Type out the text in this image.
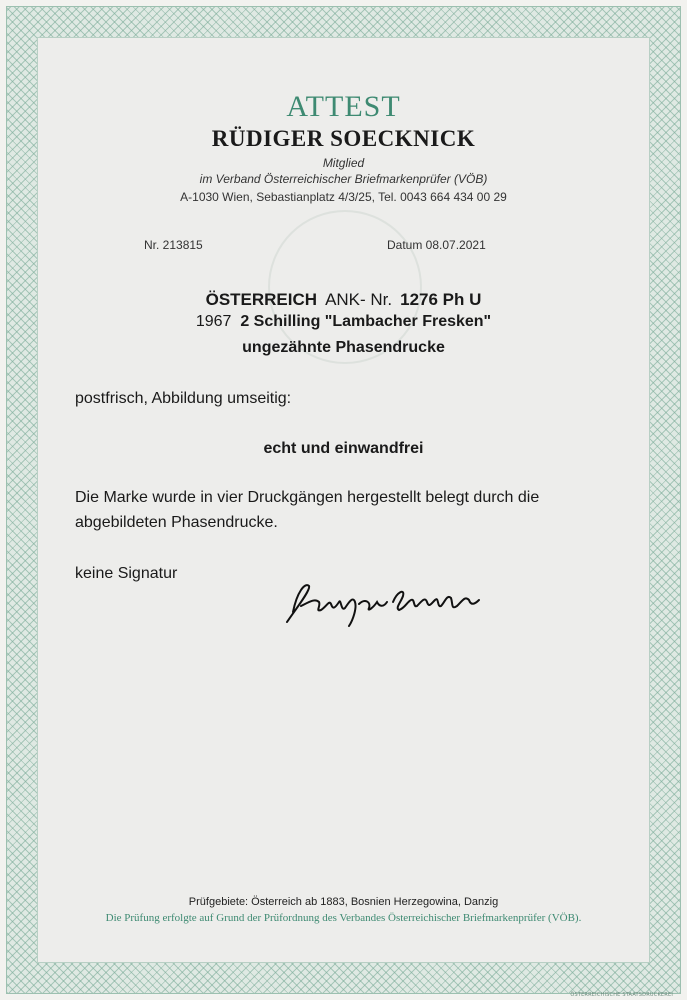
ATTEST
RÜDIGER SOECKNICK
Mitglied
im Verband Österreichischer Briefmarkenprüfer (VÖB)
A-1030 Wien, Sebastianplatz 4/3/25, Tel. 0043 664 434 00 29
Nr. 213815	Datum 08.07.2021
ÖSTERREICH ANK- Nr. 1276 Ph U
1967 2 Schilling "Lambacher Fresken"
ungezähnte Phasendrucke
postfrisch, Abbildung umseitig:
echt und einwandfrei
Die Marke wurde in vier Druckgängen hergestellt belegt durch die
abgebildeten Phasendrucke.
keine Signatur
Prüfgebiete: Österreich ab 1883, Bosnien Herzegowina, Danzig
Die Prüfung erfolgte auf Grund der Prüfordnung des Verbandes Österreichischer Briefmarkenprüfer (VÖB).
ÖSTERREICHISCHE STAATSDRUCKEREI
